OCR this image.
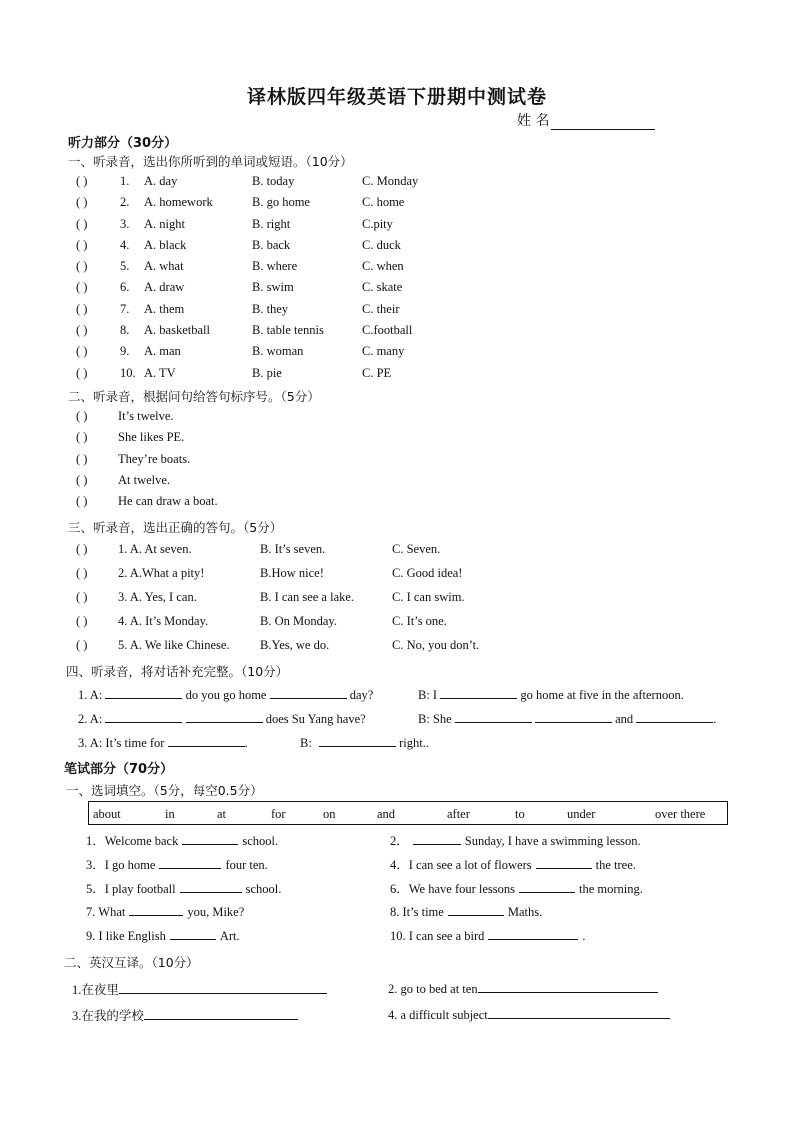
译林版四年级英语下册期中测试卷
姓 名
听力部分（30分）
一、听录音，选出你所听到的单词或短语。（10分）
( )	1. A. day	B. today	C. Monday
( )	2. A. homework	B. go home	C. home
( )	3. A. night	B. right	C.pity
( )	4. A. black	B. back	C. duck
( )	5. A. what	B. where	C. when
( )	6. A. draw	B. swim	C. skate
( )	7. A. them	B. they	C. their
( )	8. A. basketball	B. table tennis	C.football
( )	9. A. man	B. woman	C. many
( )	10. A. TV	B. pie	C. PE
二、听录音，根据问句给答句标序号。（5分）
( ) It’s twelve.
( ) She likes PE.
( ) They’re boats.
( ) At twelve.
( ) He can draw a boat.
三、听录音，选出正确的答句。（5分）
( ) 1. A. At seven.	B. It’s seven.	C. Seven.
( ) 2. A.What a pity!	B.How nice!	C. Good idea!
( ) 3. A. Yes, I can.	B. I can see a lake.	C. I can swim.
( ) 4. A. It’s Monday.	B. On Monday.	C. It’s one.
( ) 5. A. We like Chinese. B.Yes, we do.	C. No, you don’t.
四、听录音，将对话补充完整。（10分）
1. A:	do you go home	day?	B: I	go home at five in the afternoon.
2. A:	does Su Yang have?	B: She	and	.
3. A: It’s time for	.	B:	right..
笔试部分（70分）
一、选词填空。（5分，每空0.5分）
about	in	at	for	on	and	after	to	under	over there
1．Welcome back	school.
3．I go home	four ten.
5．I play football	school.
7. What	you, Mike?
9. I like English	Art.
2．	Sunday, I have a swimming lesson.
4．I can see a lot of flowers	the tree.
6．We have four lessons	the morning.
8. It’s time	Maths.
10. I can see a bird	.
二、英汉互译。（10分）
1.在夜里	2. go to bed at ten
3.在我的学校	4. a difficult subject
